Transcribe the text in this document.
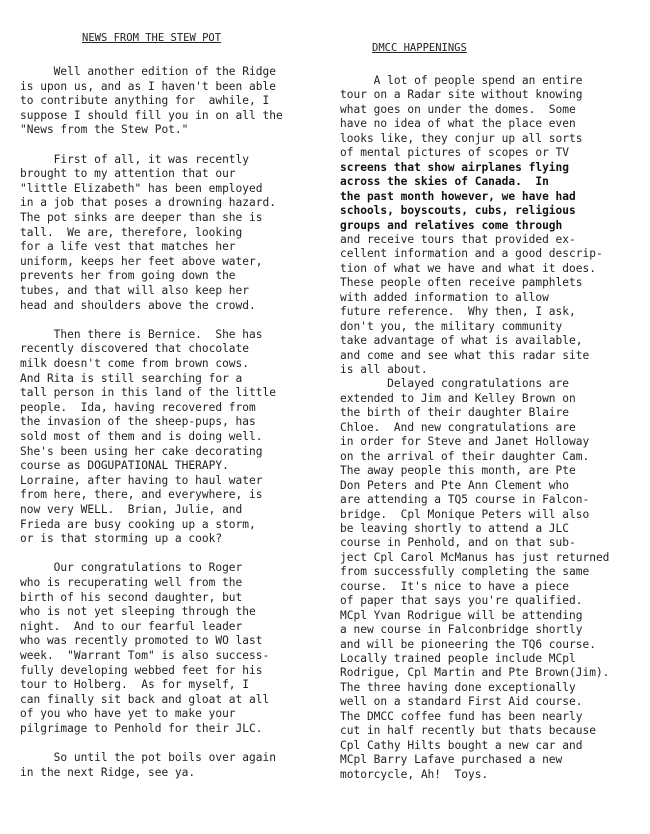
NEWS FROM THE STEW POT
Well another edition of the Ridge
is upon us, and as I haven't been able
to contribute anything for  awhile, I
suppose I should fill you in on all the
"News from the Stew Pot."
First of all, it was recently
brought to my attention that our
"little Elizabeth" has been employed
in a job that poses a drowning hazard.
The pot sinks are deeper than she is
tall.  We are, therefore, looking
for a life vest that matches her
uniform, keeps her feet above water,
prevents her from going down the
tubes, and that will also keep her
head and shoulders above the crowd.
Then there is Bernice.  She has
recently discovered that chocolate
milk doesn't come from brown cows.
And Rita is still searching for a
tall person in this land of the little
people.  Ida, having recovered from
the invasion of the sheep-pups, has
sold most of them and is doing well.
She's been using her cake decorating
course as DOGUPATIONAL THERAPY.
Lorraine, after having to haul water
from here, there, and everywhere, is
now very WELL.  Brian, Julie, and
Frieda are busy cooking up a storm,
or is that storming up a cook?
Our congratulations to Roger
who is recuperating well from the
birth of his second daughter, but
who is not yet sleeping through the
night.  And to our fearful leader
who was recently promoted to WO last
week.  "Warrant Tom" is also success-
fully developing webbed feet for his
tour to Holberg.  As for myself, I
can finally sit back and gloat at all
of you who have yet to make your
pilgrimage to Penhold for their JLC.
So until the pot boils over again
in the next Ridge, see ya.
DMCC HAPPENINGS
A lot of people spend an entire
tour on a Radar site without knowing
what goes on under the domes.  Some
have no idea of what the place even
looks like, they conjur up all sorts
of mental pictures of scopes or TV
screens that show airplanes flying
across the skies of Canada.  In
the past month however, we have had
schools, boyscouts, cubs, religious
groups and relatives come through
and receive tours that provided ex-
cellent information and a good descrip-
tion of what we have and what it does.
These people often receive pamphlets
with added information to allow
future reference.  Why then, I ask,
don't you, the military community
take advantage of what is available,
and come and see what this radar site
is all about.
Delayed congratulations are
extended to Jim and Kelley Brown on
the birth of their daughter Blaire
Chloe.  And new congratulations are
in order for Steve and Janet Holloway
on the arrival of their daughter Cam.
The away people this month, are Pte
Don Peters and Pte Ann Clement who
are attending a TQ5 course in Falcon-
bridge.  Cpl Monique Peters will also
be leaving shortly to attend a JLC
course in Penhold, and on that sub-
ject Cpl Carol McManus has just returned
from successfully completing the same
course.  It's nice to have a piece
of paper that says you're qualified.
MCpl Yvan Rodrigue will be attending
a new course in Falconbridge shortly
and will be pioneering the TQ6 course.
Locally trained people include MCpl
Rodrigue, Cpl Martin and Pte Brown(Jim).
The three having done exceptionally
well on a standard First Aid course.
The DMCC coffee fund has been nearly
cut in half recently but thats because
Cpl Cathy Hilts bought a new car and
MCpl Barry Lafave purchased a new
motorcycle, Ah!  Toys.
